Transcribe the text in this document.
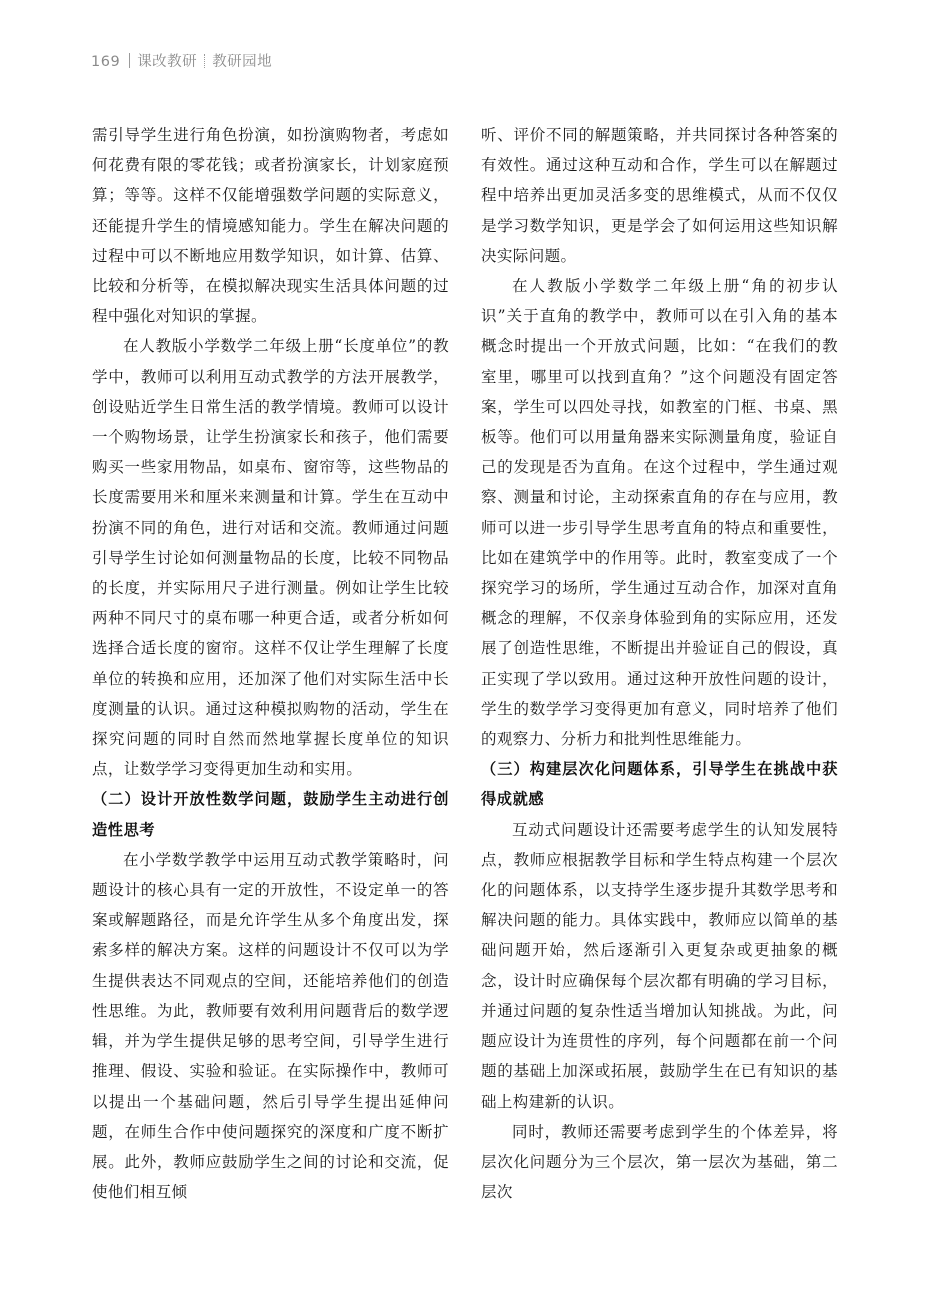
169 课改教研 教研园地

需引导学生进行角色扮演，如扮演购物者，考虑如何花费有限的零花钱；或者扮演家长，计划家庭预算；等等。这样不仅能增强数学问题的实际意义，还能提升学生的情境感知能力。学生在解决问题的过程中可以不断地应用数学知识，如计算、估算、比较和分析等，在模拟解决现实生活具体问题的过程中强化对知识的掌握。

在人教版小学数学二年级上册“长度单位”的教学中，教师可以利用互动式教学的方法开展教学，创设贴近学生日常生活的教学情境。教师可以设计一个购物场景，让学生扮演家长和孩子，他们需要购买一些家用物品，如桌布、窗帘等，这些物品的长度需要用米和厘米来测量和计算。学生在互动中扮演不同的角色，进行对话和交流。教师通过问题引导学生讨论如何测量物品的长度，比较不同物品的长度，并实际用尺子进行测量。例如让学生比较两种不同尺寸的桌布哪一种更合适，或者分析如何选择合适长度的窗帘。这样不仅让学生理解了长度单位的转换和应用，还加深了他们对实际生活中长度测量的认识。通过这种模拟购物的活动，学生在探究问题的同时自然而然地掌握长度单位的知识点，让数学学习变得更加生动和实用。

（二）设计开放性数学问题，鼓励学生主动进行创造性思考

在小学数学教学中运用互动式教学策略时，问题设计的核心具有一定的开放性，不设定单一的答案或解题路径，而是允许学生从多个角度出发，探索多样的解决方案。这样的问题设计不仅可以为学生提供表达不同观点的空间，还能培养他们的创造性思维。为此，教师要有效利用问题背后的数学逻辑，并为学生提供足够的思考空间，引导学生进行推理、假设、实验和验证。在实际操作中，教师可以提出一个基础问题，然后引导学生提出延伸问题，在师生合作中使问题探究的深度和广度不断扩展。此外，教师应鼓励学生之间的讨论和交流，促使他们相互倾

听、评价不同的解题策略，并共同探讨各种答案的有效性。通过这种互动和合作，学生可以在解题过程中培养出更加灵活多变的思维模式，从而不仅仅是学习数学知识，更是学会了如何运用这些知识解决实际问题。

在人教版小学数学二年级上册“角的初步认识”关于直角的教学中，教师可以在引入角的基本概念时提出一个开放式问题，比如：“在我们的教室里，哪里可以找到直角？”这个问题没有固定答案，学生可以四处寻找，如教室的门框、书桌、黑板等。他们可以用量角器来实际测量角度，验证自己的发现是否为直角。在这个过程中，学生通过观察、测量和讨论，主动探索直角的存在与应用，教师可以进一步引导学生思考直角的特点和重要性，比如在建筑学中的作用等。此时，教室变成了一个探究学习的场所，学生通过互动合作，加深对直角概念的理解，不仅亲身体验到角的实际应用，还发展了创造性思维，不断提出并验证自己的假设，真正实现了学以致用。通过这种开放性问题的设计，学生的数学学习变得更加有意义，同时培养了他们的观察力、分析力和批判性思维能力。

（三）构建层次化问题体系，引导学生在挑战中获得成就感

互动式问题设计还需要考虑学生的认知发展特点，教师应根据教学目标和学生特点构建一个层次化的问题体系，以支持学生逐步提升其数学思考和解决问题的能力。具体实践中，教师应以简单的基础问题开始，然后逐渐引入更复杂或更抽象的概念，设计时应确保每个层次都有明确的学习目标，并通过问题的复杂性适当增加认知挑战。为此，问题应设计为连贯性的序列，每个问题都在前一个问题的基础上加深或拓展，鼓励学生在已有知识的基础上构建新的认识。

同时，教师还需要考虑到学生的个体差异，将层次化问题分为三个层次，第一层次为基础，第二层次
